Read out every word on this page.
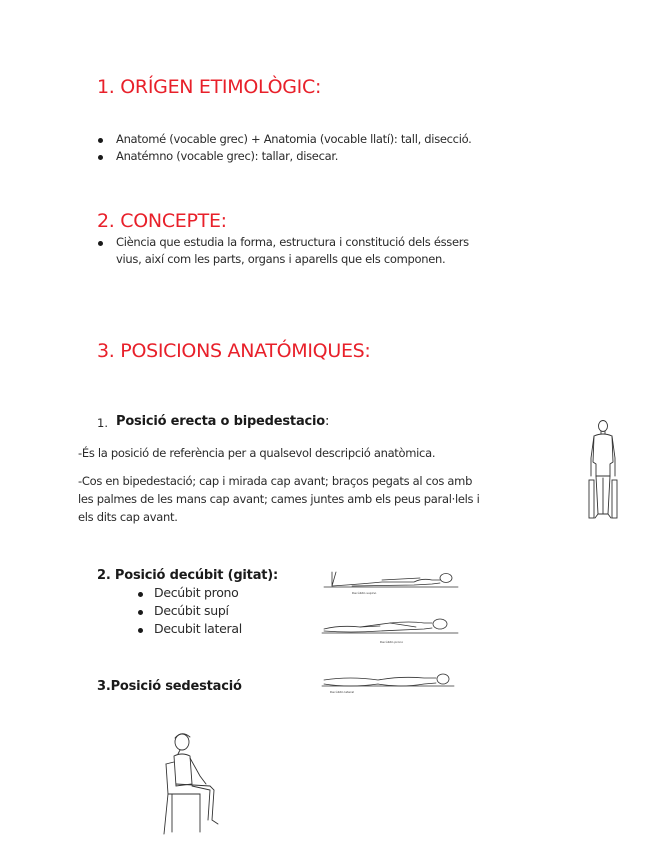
1. ORÍGEN ETIMOLÒGIC:
Anatomé (vocable grec) + Anatomia (vocable llatí): tall, disecció.
Anatémno (vocable grec): tallar, disecar.
2. CONCEPTE:
Ciència que estudia la forma, estructura i constitució dels éssers
vius, així com les parts, organs i aparells que els componen.
3. POSICIONS ANATÓMIQUES:
1. Posició erecta o bipedestacio:
-És la posició de referència per a qualsevol descripció anatòmica.
-Cos en bipedestació; cap i mirada cap avant; braços pegats al cos amb
les palmes de les mans cap avant; cames juntes amb els peus paral·lels i
els dits cap avant.
2. Posició decúbit (gitat):
Decúbit prono
Decúbit supí
Decubit lateral
Decúbito supino
Decúbito prono
Decúbito lateral
3.Posició sedestació
